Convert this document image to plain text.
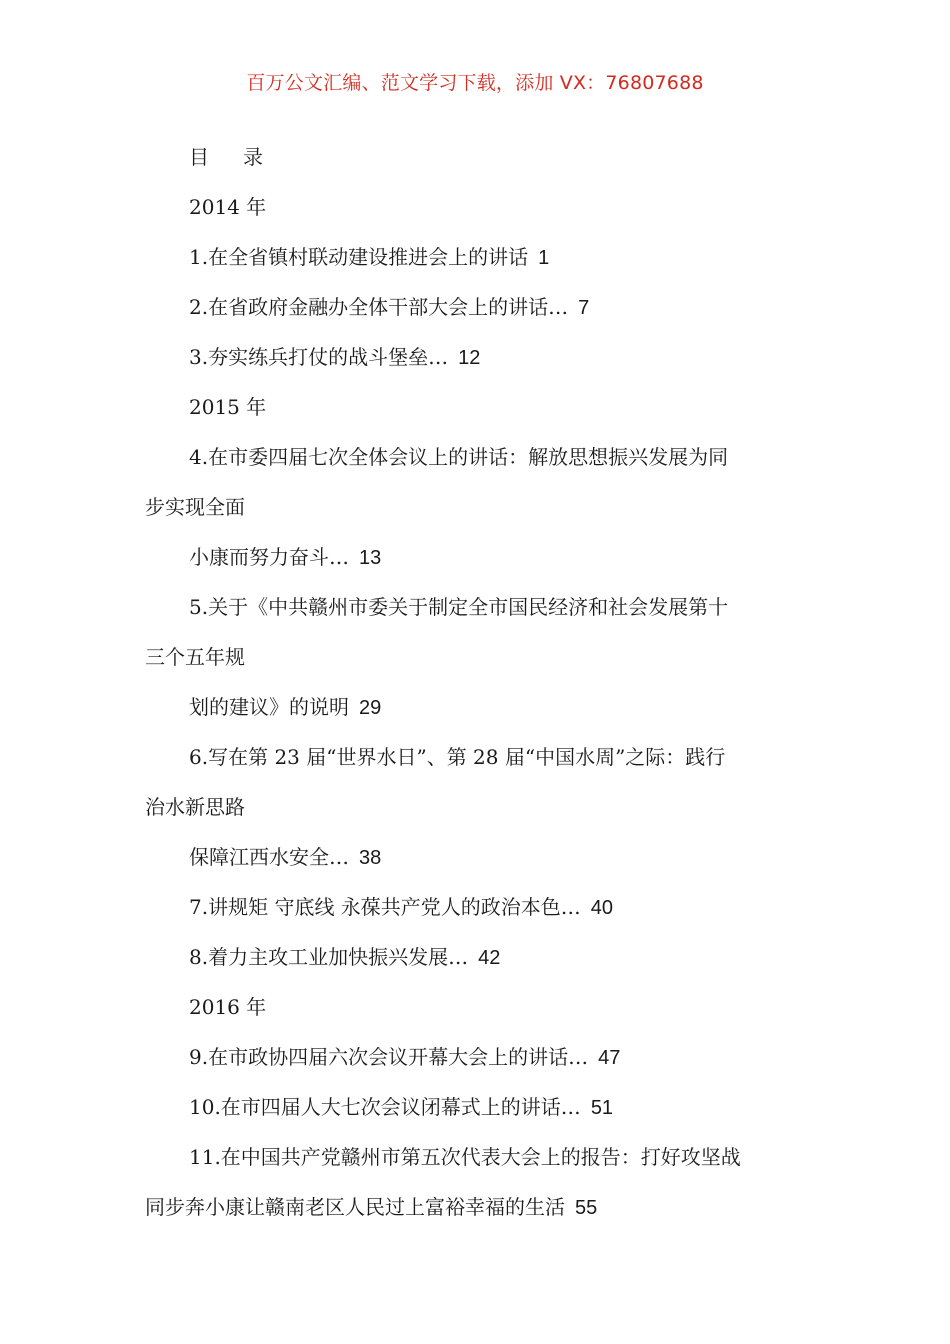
百万公文汇编、范文学习下载，添加 VX：76807688
目 录
2014 年
1.在全省镇村联动建设推进会上的讲话 1
2.在省政府金融办全体干部大会上的讲话… 7
3.夯实练兵打仗的战斗堡垒… 12
2015 年
4.在市委四届七次全体会议上的讲话：解放思想振兴发展为同
步实现全面
小康而努力奋斗… 13
5.关于《中共赣州市委关于制定全市国民经济和社会发展第十
三个五年规
划的建议》的说明 29
6.写在第 23 届“世界水日”、第 28 届“中国水周”之际：践行
治水新思路
保障江西水安全… 38
7.讲规矩 守底线 永葆共产党人的政治本色… 40
8.着力主攻工业加快振兴发展… 42
2016 年
9.在市政协四届六次会议开幕大会上的讲话… 47
10.在市四届人大七次会议闭幕式上的讲话… 51
11.在中国共产党赣州市第五次代表大会上的报告：打好攻坚战
同步奔小康让赣南老区人民过上富裕幸福的生活 55
